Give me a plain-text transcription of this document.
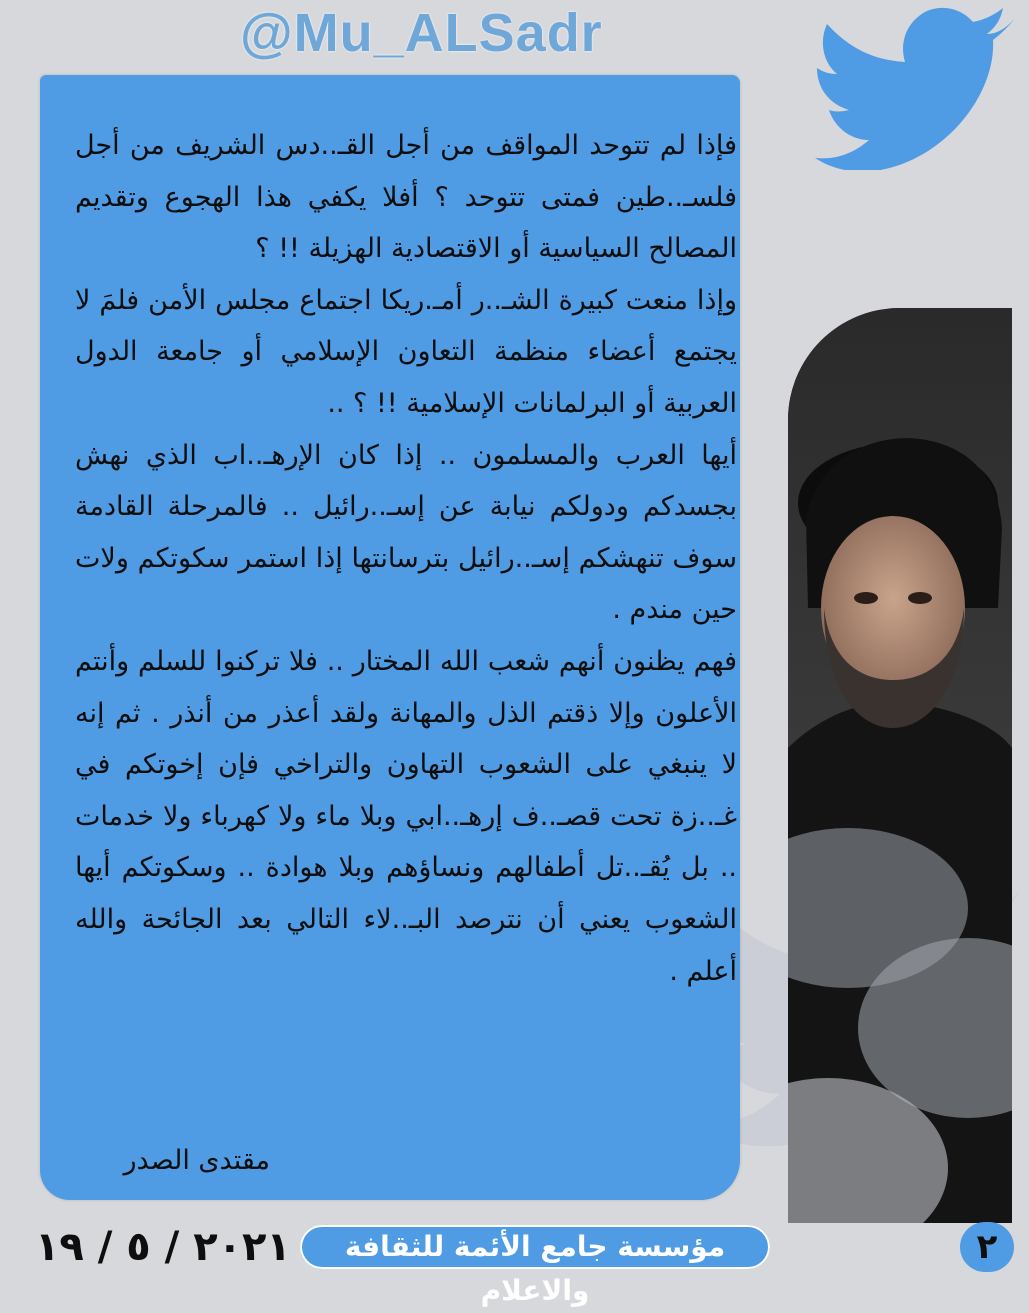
@Mu_ALSadr

فإذا لم تتوحد المواقف من أجل القـ..دس الشريف من أجل فلسـ..طين فمتى تتوحد ؟ أفلا يكفي هذا الهجوع وتقديم المصالح السياسية أو الاقتصادية الهزيلة !! ؟

وإذا منعت كبيرة الشـ..ر أمـ.ريكا اجتماع مجلس الأمن فلمَ لا يجتمع أعضاء منظمة التعاون الإسلامي أو جامعة الدول العربية أو البرلمانات الإسلامية !! ؟ ..

أيها العرب والمسلمون .. إذا كان الإرهـ..اب الذي نهش بجسدكم ودولكم نيابة عن إسـ..رائيل .. فالمرحلة القادمة سوف تنهشكم إسـ..رائيل بترسانتها إذا استمر سكوتكم ولات حين مندم .

فهم يظنون أنهم شعب الله المختار .. فلا تركنوا للسلم وأنتم الأعلون وإلا ذقتم الذل والمهانة ولقد أعذر من أنذر . ثم إنه لا ينبغي على الشعوب التهاون والتراخي فإن إخوتكم في غـ..زة تحت قصـ..ف إرهـ..ابي وبلا ماء ولا كهرباء ولا خدمات .. بل يُقـ..تل أطفالهم ونساؤهم وبلا هوادة .. وسكوتكم أيها الشعوب يعني أن نترصد البـ..لاء التالي بعد الجائحة والله أعلم .

مقتدى الصدر
٢٠٢١ / ٥ / ١٩	مؤسسة جامع الأئمة للثقافة والاعلام
٢
